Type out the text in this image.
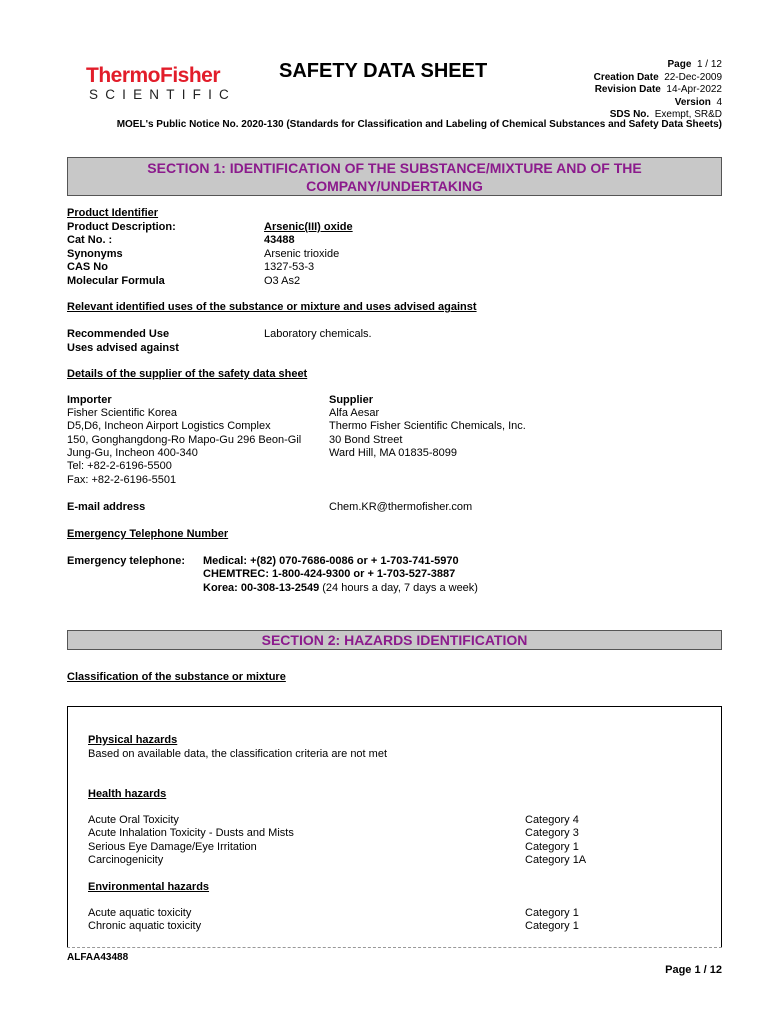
ThermoFisher
SCIENTIFIC
SAFETY DATA SHEET	Page 1 / 12
Creation Date 22-Dec-2009
Revision Date 14-Apr-2022
Version 4
SDS No. Exempt, SR&D
MOEL's Public Notice No. 2020-130 (Standards for Classification and Labeling of Chemical Substances and Safety Data Sheets)
SECTION 1: IDENTIFICATION OF THE SUBSTANCE/MIXTURE AND OF THE
COMPANY/UNDERTAKING
Product Identifier
Product Description:	Arsenic(III) oxide
Cat No. :	43488
Synonyms	Arsenic trioxide
CAS No	1327-53-3
Molecular Formula	O3 As2
Relevant identified uses of the substance or mixture and uses advised against
Recommended Use	Laboratory chemicals.
Uses advised against
Details of the supplier of the safety data sheet
Importer
Fisher Scientific Korea
D5,D6, Incheon Airport Logistics Complex
150, Gonghangdong-Ro Mapo-Gu 296 Beon-Gil
Jung-Gu, Incheon 400-340
Tel: +82-2-6196-5500
Fax: +82-2-6196-5501
Supplier
Alfa Aesar
Thermo Fisher Scientific Chemicals, Inc.
30 Bond Street
Ward Hill, MA 01835-8099
E-mail address	Chem.KR@thermofisher.com
Emergency Telephone Number
Emergency telephone: Medical: +(82) 070-7686-0086 or + 1-703-741-5970
CHEMTREC: 1-800-424-9300 or + 1-703-527-3887
Korea: 00-308-13-2549 (24 hours a day, 7 days a week)
SECTION 2: HAZARDS IDENTIFICATION
Classification of the substance or mixture
Physical hazards
Based on available data, the classification criteria are not met
Health hazards
Acute Oral Toxicity	Category 4
Acute Inhalation Toxicity - Dusts and Mists	Category 3
Serious Eye Damage/Eye Irritation	Category 1
Carcinogenicity	Category 1A
Environmental hazards
Acute aquatic toxicity	Category 1
Chronic aquatic toxicity	Category 1
ALFAA43488
Page 1 / 12
